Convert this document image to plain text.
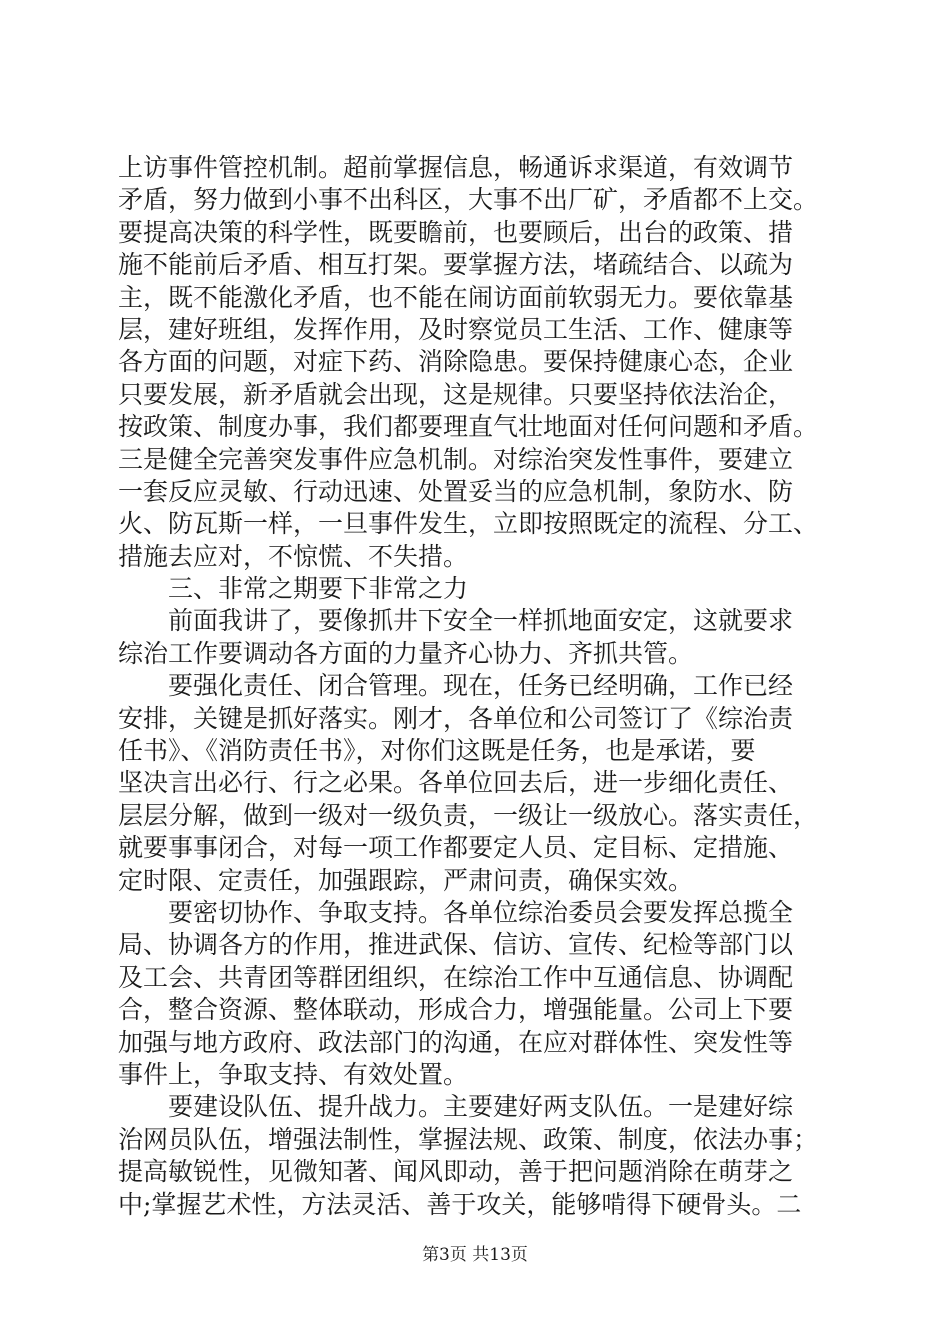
上访事件管控机制。超前掌握信息，畅通诉求渠道，有效调节
矛盾，努力做到小事不出科区，大事不出厂矿，矛盾都不上交。
要提高决策的科学性，既要瞻前，也要顾后，出台的政策、措
施不能前后矛盾、相互打架。要掌握方法，堵疏结合、以疏为
主，既不能激化矛盾，也不能在闹访面前软弱无力。要依靠基
层，建好班组，发挥作用，及时察觉员工生活、工作、健康等
各方面的问题，对症下药、消除隐患。要保持健康心态，企业
只要发展，新矛盾就会出现，这是规律。只要坚持依法治企，
按政策、制度办事，我们都要理直气壮地面对任何问题和矛盾。
三是健全完善突发事件应急机制。对综治突发性事件，要建立
一套反应灵敏、行动迅速、处置妥当的应急机制，象防水、防
火、防瓦斯一样，一旦事件发生，立即按照既定的流程、分工、
措施去应对，不惊慌、不失措。
　　三、非常之期要下非常之力
　　前面我讲了，要像抓井下安全一样抓地面安定，这就要求
综治工作要调动各方面的力量齐心协力、齐抓共管。
　　要强化责任、闭合管理。现在，任务已经明确，工作已经
安排，关键是抓好落实。刚才，各单位和公司签订了《综治责
任书》、《消防责任书》，对你们这既是任务，也是承诺，要
坚决言出必行、行之必果。各单位回去后，进一步细化责任、
层层分解，做到一级对一级负责，一级让一级放心。落实责任，
就要事事闭合，对每一项工作都要定人员、定目标、定措施、
定时限、定责任，加强跟踪，严肃问责，确保实效。
　　要密切协作、争取支持。各单位综治委员会要发挥总揽全
局、协调各方的作用，推进武保、信访、宣传、纪检等部门以
及工会、共青团等群团组织，在综治工作中互通信息、协调配
合，整合资源、整体联动，形成合力，增强能量。公司上下要
加强与地方政府、政法部门的沟通，在应对群体性、突发性等
事件上，争取支持、有效处置。
　　要建设队伍、提升战力。主要建好两支队伍。一是建好综
治网员队伍，增强法制性，掌握法规、政策、制度，依法办事；
提高敏锐性，见微知著、闻风即动，善于把问题消除在萌芽之
中;掌握艺术性，方法灵活、善于攻关，能够啃得下硬骨头。二
第3页 共13页
